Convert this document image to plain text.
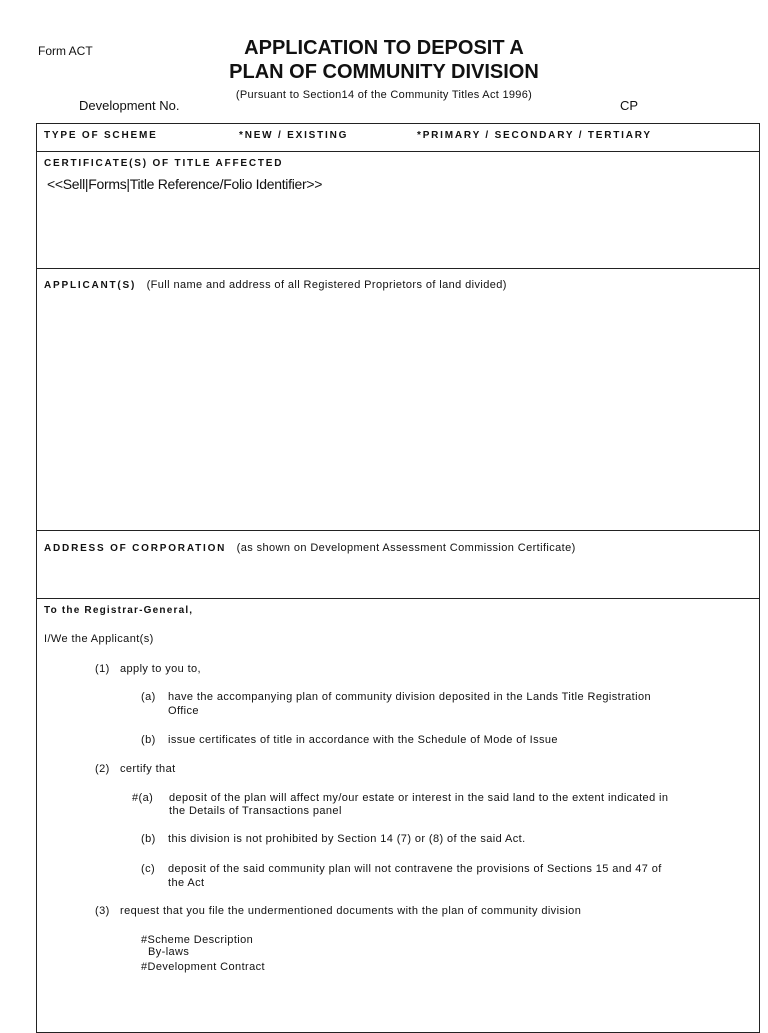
Form ACT	APPLICATION TO DEPOSIT A
PLAN OF COMMUNITY DIVISION
(Pursuant to Section14 of the Community Titles Act 1996)
Development No.	CP
TYPE OF SCHEME	*NEW / EXISTING	*PRIMARY / SECONDARY / TERTIARY
CERTIFICATE(S) OF TITLE AFFECTED
<<Sell|Forms|Title Reference/Folio Identifier>>
APPLICANT(S) (Full name and address of all Registered Proprietors of land divided)
ADDRESS OF CORPORATION (as shown on Development Assessment Commission Certificate)
To the Registrar-General,
I/We the Applicant(s)
(1)   apply to you to,
(a) have the accompanying plan of community division deposited in the Lands Title Registration
Office
(b) issue certificates of title in accordance with the Schedule of Mode of Issue
(2)   certify that
#(a) deposit of the plan will affect my/our estate or interest in the said land to the extent indicated in
the Details of Transactions panel
(b) this division is not prohibited by Section 14 (7) or (8) of the said Act.
(c) deposit of the said community plan will not contravene the provisions of Sections 15 and 47 of
the Act
(3)   request that you file the undermentioned documents with the plan of community division
#Scheme Description
By-laws
#Development Contract
